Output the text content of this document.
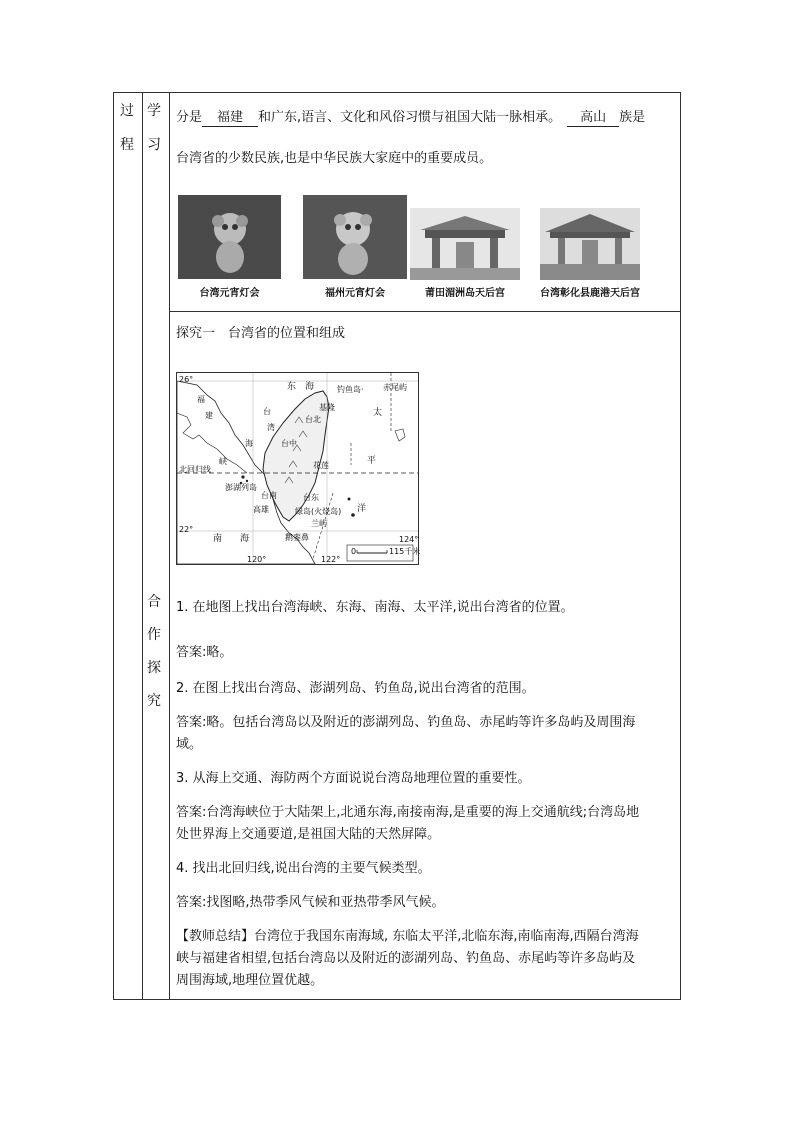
过
程
学
习
合
作
探
究
分是 福建 和广东,语言、文化和风俗习惯与祖国大陆一脉相承。 高山 族是
台湾省的少数民族,也是中华民族大家庭中的重要成员。
台湾元宵灯会	福州元宵灯会	莆田湄洲岛天后宫	台湾彰化县鹿港天后宫
探究一　台湾省的位置和组成
26°
22°
120°	122°
124°
东　海	钓鱼岛· 赤尾屿
福
建	台
湾
海
峡
基隆
台北
花莲
台中
澎湖列岛
台南
高雄
台东
绿岛(火烧岛)
兰屿
鹅銮鼻
北回归线
南　　海
太
平
洋
0	115千米
1. 在地图上找出台湾海峡、东海、南海、太平洋,说出台湾省的位置。
答案:略。
2. 在图上找出台湾岛、澎湖列岛、钓鱼岛,说出台湾省的范围。
答案:略。包括台湾岛以及附近的澎湖列岛、钓鱼岛、赤尾屿等许多岛屿及周围海
域。
3. 从海上交通、海防两个方面说说台湾岛地理位置的重要性。
答案:台湾海峡位于大陆架上,北通东海,南接南海,是重要的海上交通航线;台湾岛地
处世界海上交通要道,是祖国大陆的天然屏障。
4. 找出北回归线,说出台湾的主要气候类型。
答案:找图略,热带季风气候和亚热带季风气候。
【教师总结】台湾位于我国东南海域, 东临太平洋,北临东海,南临南海,西隔台湾海
峡与福建省相望,包括台湾岛以及附近的澎湖列岛、钓鱼岛、赤尾屿等许多岛屿及
周围海域,地理位置优越。
